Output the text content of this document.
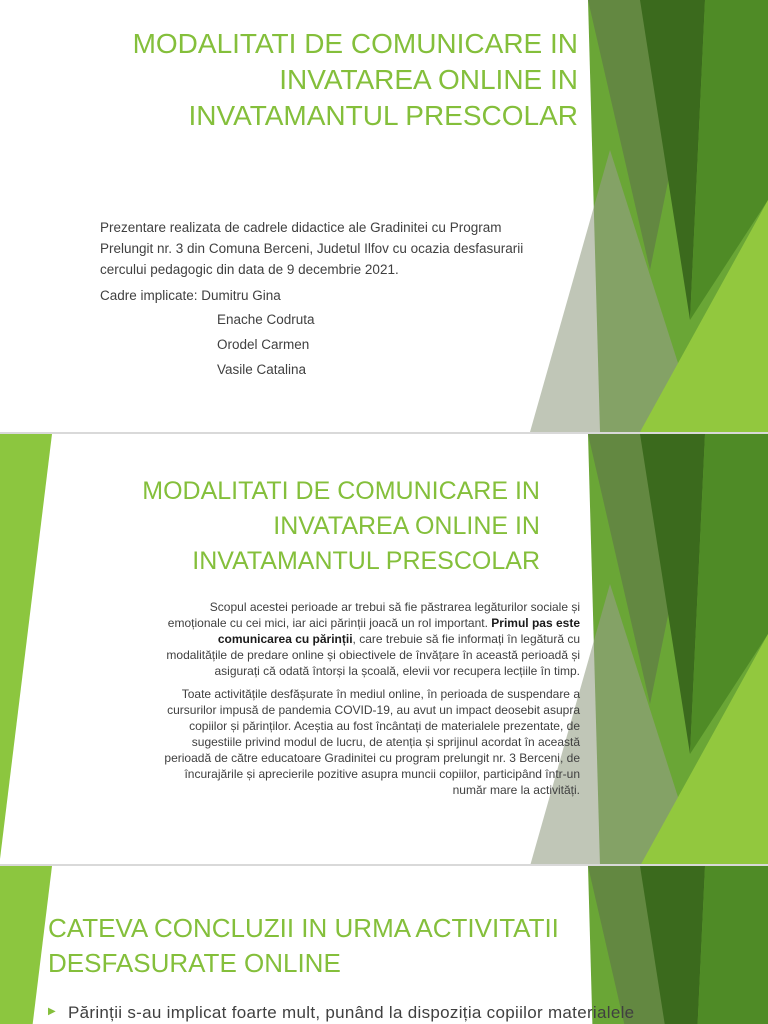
MODALITATI DE COMUNICARE IN
INVATAREA ONLINE IN
INVATAMANTUL PRESCOLAR
Prezentare realizata de cadrele didactice ale Gradinitei cu Program
Prelungit nr. 3 din Comuna Berceni, Judetul Ilfov cu ocazia desfasurarii
cercului pedagogic din data de 9 decembrie 2021.
Cadre implicate: Dumitru Gina
Enache Codruta
Orodel Carmen
Vasile Catalina
MODALITATI DE COMUNICARE IN
INVATAREA ONLINE IN
INVATAMANTUL PRESCOLAR
Scopul acestei perioade ar trebui să fie păstrarea legăturilor sociale și
emoționale cu cei mici, iar aici părinții joacă un rol important. Primul pas este
comunicarea cu părinții, care trebuie să fie informați în legătură cu
modalitățile de predare online și obiectivele de învățare în această perioadă și
asigurați că odată întorși la școală, elevii vor recupera lecțiile în timp.
Toate activitățile desfășurate în mediul online, în perioada de suspendare a
cursurilor impusă de pandemia COVID-19, au avut un impact deosebit asupra
copiilor și părinților. Aceștia au fost încântați de materialele prezentate, de
sugestiile privind modul de lucru, de atenția și sprijinul acordat în această
perioadă de către educatoare Gradinitei cu program prelungit nr. 3 Berceni, de
încurajările și aprecierile pozitive asupra muncii copiilor, participând într-un
număr mare la activități.
CATEVA CONCLUZII IN URMA ACTIVITATII
DESFASURATE ONLINE
▶ Părinții s-au implicat foarte mult, punând la dispoziția copiilor materialele
